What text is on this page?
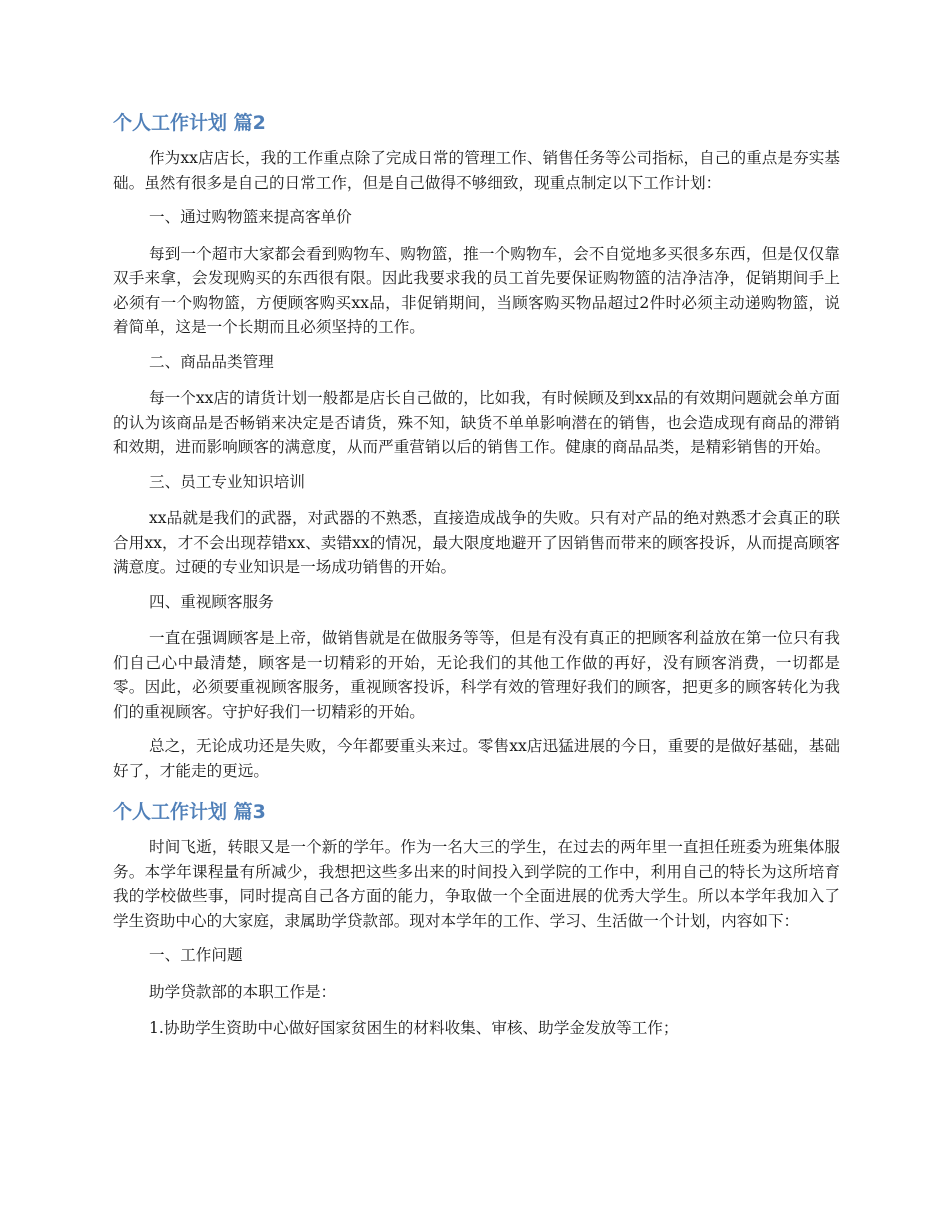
个人工作计划 篇2

作为xx店店长，我的工作重点除了完成日常的管理工作、销售任务等公司指标，自己的重点是夯实基础。虽然有很多是自己的日常工作，但是自己做得不够细致，现重点制定以下工作计划：

一、通过购物篮来提高客单价

每到一个超市大家都会看到购物车、购物篮，推一个购物车，会不自觉地多买很多东西，但是仅仅靠双手来拿，会发现购买的东西很有限。因此我要求我的员工首先要保证购物篮的洁净洁净，促销期间手上必须有一个购物篮，方便顾客购买xx品，非促销期间，当顾客购买物品超过2件时必须主动递购物篮，说着简单，这是一个长期而且必须坚持的工作。

二、商品品类管理

每一个xx店的请货计划一般都是店长自己做的，比如我，有时候顾及到xx品的有效期问题就会单方面的认为该商品是否畅销来决定是否请货，殊不知，缺货不单单影响潜在的销售，也会造成现有商品的滞销和效期，进而影响顾客的满意度，从而严重营销以后的销售工作。健康的商品品类，是精彩销售的开始。

三、员工专业知识培训

xx品就是我们的武器，对武器的不熟悉，直接造成战争的失败。只有对产品的绝对熟悉才会真正的联合用xx，才不会出现荐错xx、卖错xx的情况，最大限度地避开了因销售而带来的顾客投诉，从而提高顾客满意度。过硬的专业知识是一场成功销售的开始。

四、重视顾客服务

一直在强调顾客是上帝，做销售就是在做服务等等，但是有没有真正的把顾客利益放在第一位只有我们自己心中最清楚，顾客是一切精彩的开始，无论我们的其他工作做的再好，没有顾客消费，一切都是零。因此，必须要重视顾客服务，重视顾客投诉，科学有效的管理好我们的顾客，把更多的顾客转化为我们的重视顾客。守护好我们一切精彩的开始。

总之，无论成功还是失败，今年都要重头来过。零售xx店迅猛进展的今日，重要的是做好基础，基础好了，才能走的更远。

个人工作计划 篇3

时间飞逝，转眼又是一个新的学年。作为一名大三的学生，在过去的两年里一直担任班委为班集体服务。本学年课程量有所减少，我想把这些多出来的时间投入到学院的工作中，利用自己的特长为这所培育我的学校做些事，同时提高自己各方面的能力，争取做一个全面进展的优秀大学生。所以本学年我加入了学生资助中心的大家庭，隶属助学贷款部。现对本学年的工作、学习、生活做一个计划，内容如下：

一、工作问题

助学贷款部的本职工作是：

1.协助学生资助中心做好国家贫困生的材料收集、审核、助学金发放等工作；
